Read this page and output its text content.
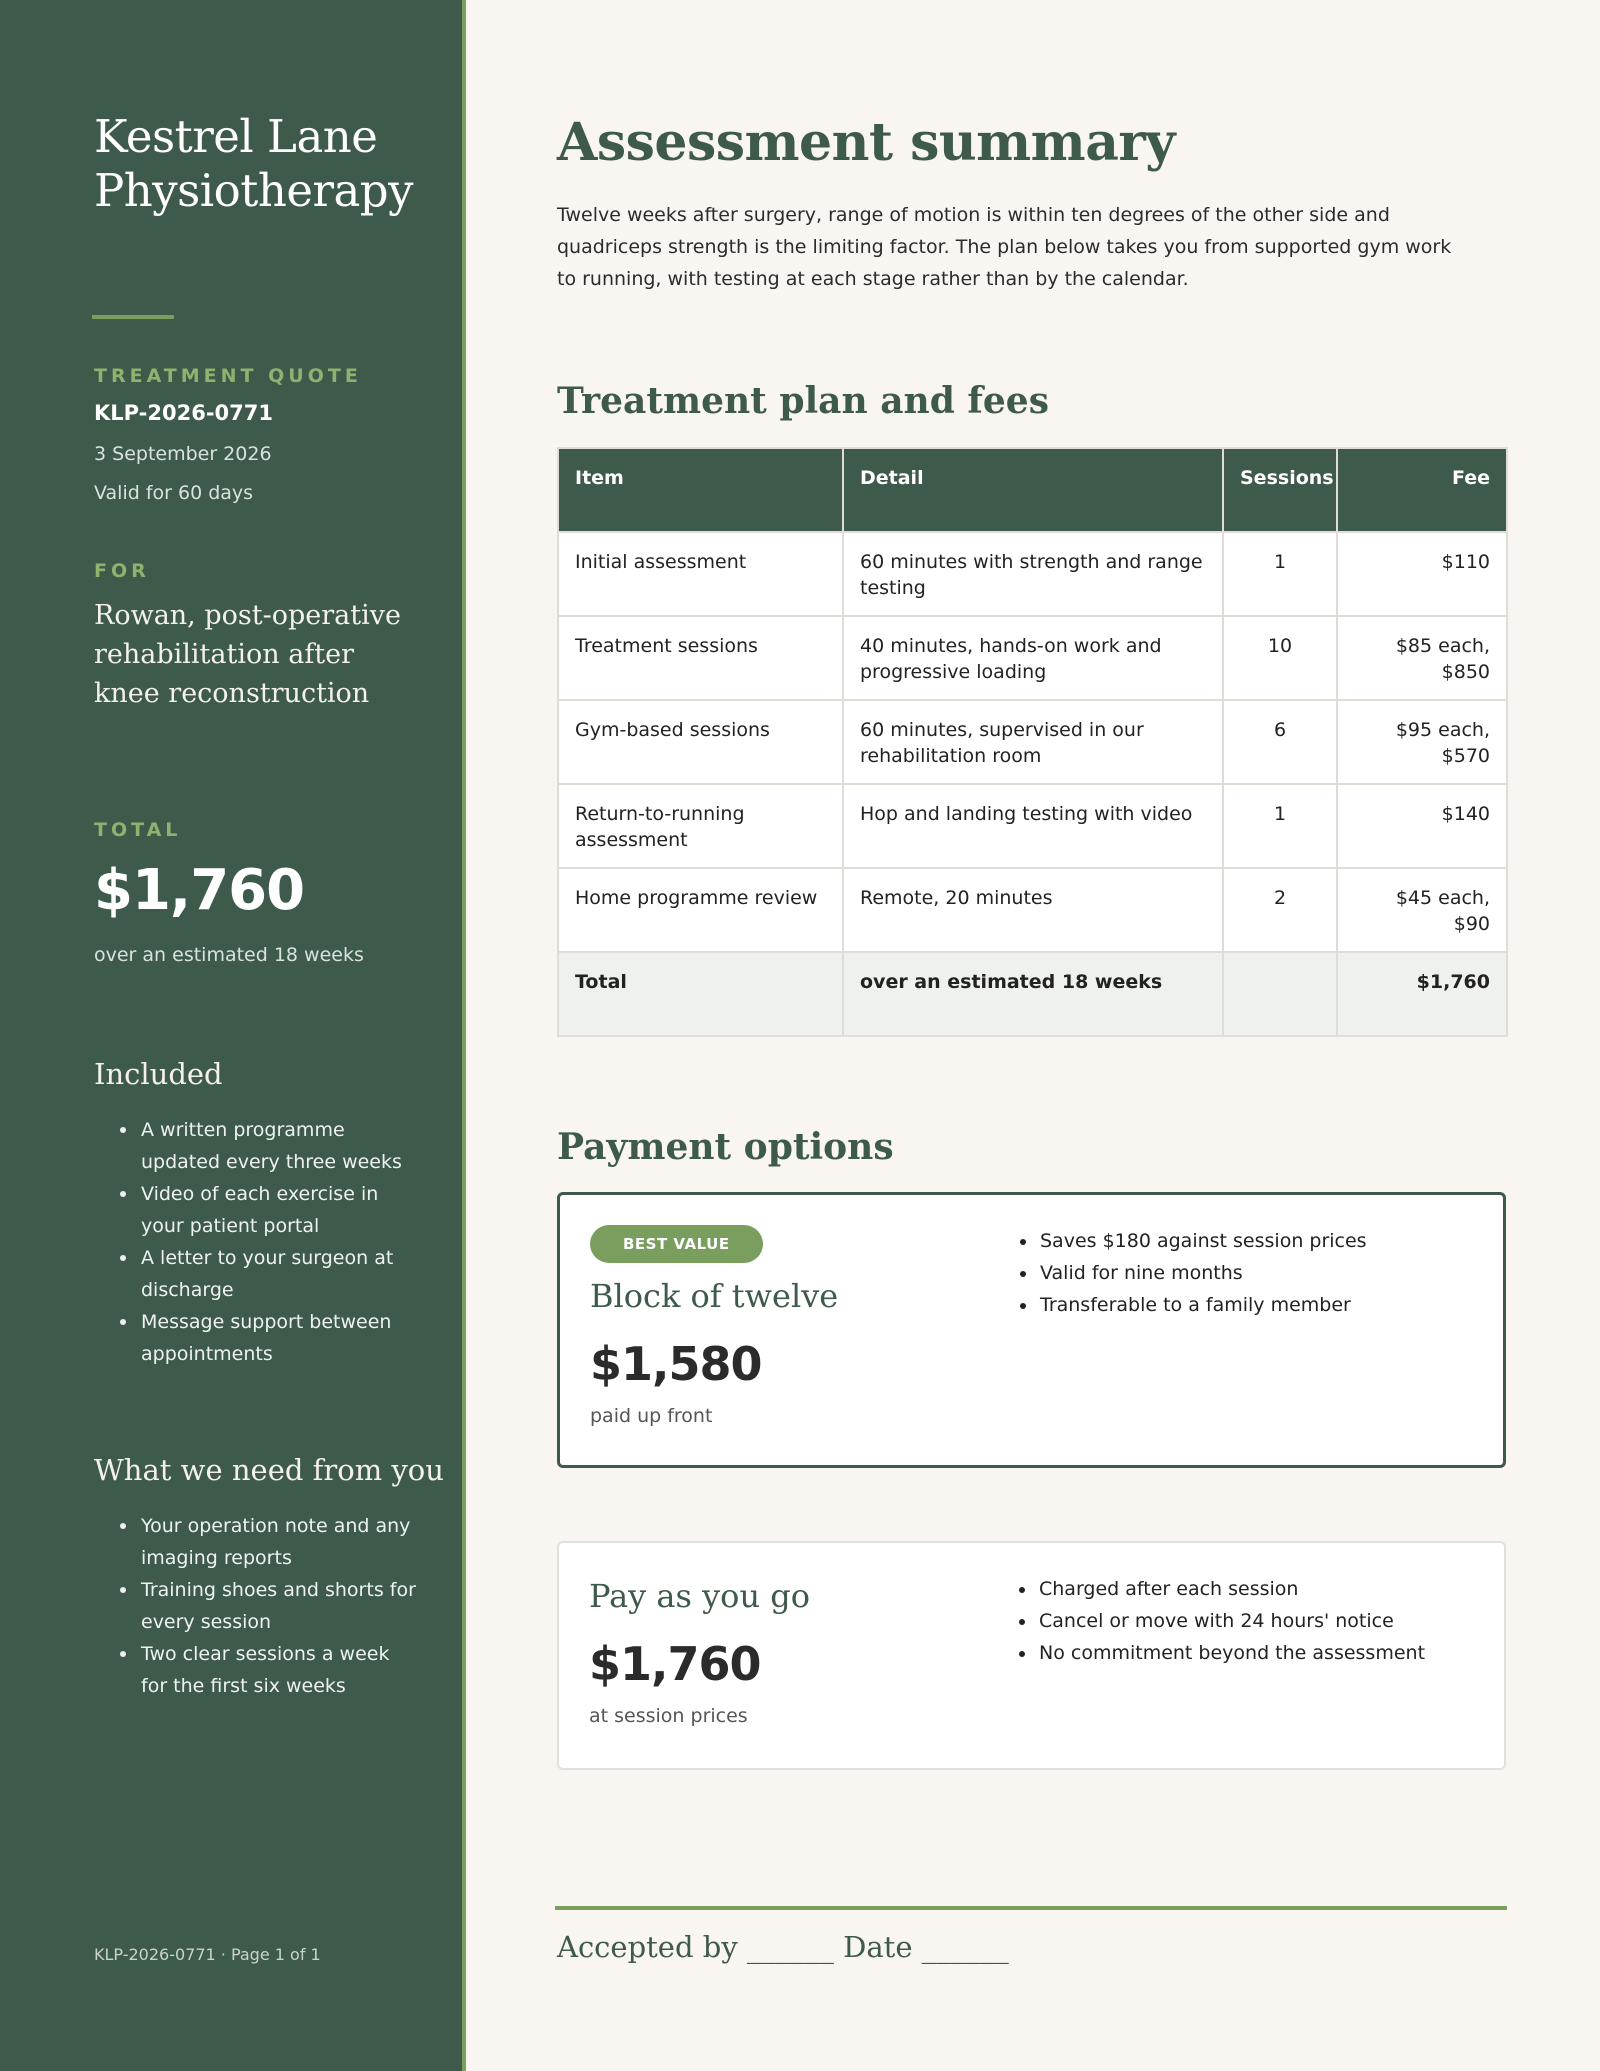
Kestrel Lane Physiotherapy
TREATMENT QUOTE
KLP-2026-0771
3 September 2026
Valid for 60 days
FOR
Rowan, post-operative rehabilitation after knee reconstruction
TOTAL
$1,760
over an estimated 18 weeks
Included
A written programme updated every three weeks
Video of each exercise in your patient portal
A letter to your surgeon at discharge
Message support between appointments
What we need from you
Your operation note and any imaging reports
Training shoes and shorts for every session
Two clear sessions a week for the first six weeks
KLP-2026-0771 · Page 1 of 1
Assessment summary

Twelve weeks after surgery, range of motion is within ten degrees of the other side and quadriceps strength is the limiting factor. The plan below takes you from supported gym work to running, with testing at each stage rather than by the calendar.

Treatment plan and fees
Item	Detail	Sessions	Fee
Initial assessment	60 minutes with strength and range testing	1	$110
Treatment sessions	40 minutes, hands-on work and progressive loading	10	$85 each, $850
Gym-based sessions	60 minutes, supervised in our rehabilitation room	6	$95 each, $570
Return-to-running assessment	Hop and landing testing with video	1	$140
Home programme review	Remote, 20 minutes	2	$45 each, $90
Total	over an estimated 18 weeks		$1,760
Payment options
BEST VALUE
Block of twelve
$1,580
paid up front
Saves $180 against session prices
Valid for nine months
Transferable to a family member
Pay as you go
$1,760
at session prices
Charged after each session
Cancel or move with 24 hours' notice
No commitment beyond the assessment
Accepted by ______ Date ______
